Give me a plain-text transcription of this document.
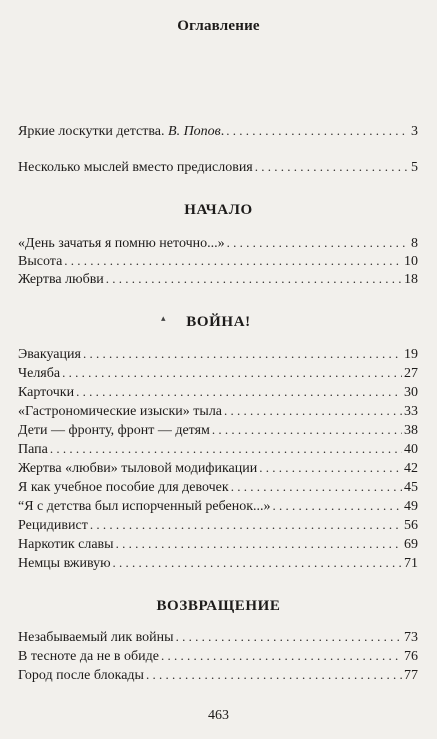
Оглавление
Яркие лоскутки детства. В. Попов. . . .	3
Несколько мыслей вместо предисловия . . .	5
НАЧАЛО
«День зачатья я помню неточно...» . . .	8
Высота . . .	10
Жертва любви . . .	18
▴	ВОЙНА!
Эвакуация . . .	19
Челяба . . .	27
Карточки . . .	30
«Гастрономические изыски» тыла . . .	33
Дети — фронту, фронт — детям . . .	38
Папа . . .	40
Жертва «любви» тыловой модификации . . .	42
Я как учебное пособие для девочек . . .	45
“Я с детства был испорченный ребенок...» . . .	49
Рецидивист . . .	56
Наркотик славы . . .	69
Немцы вживую . . .	71
ВОЗВРАЩЕНИЕ
Незабываемый лик войны . . .	73
В тесноте да не в обиде . . .	76
Город после блокады . . .	77
463
